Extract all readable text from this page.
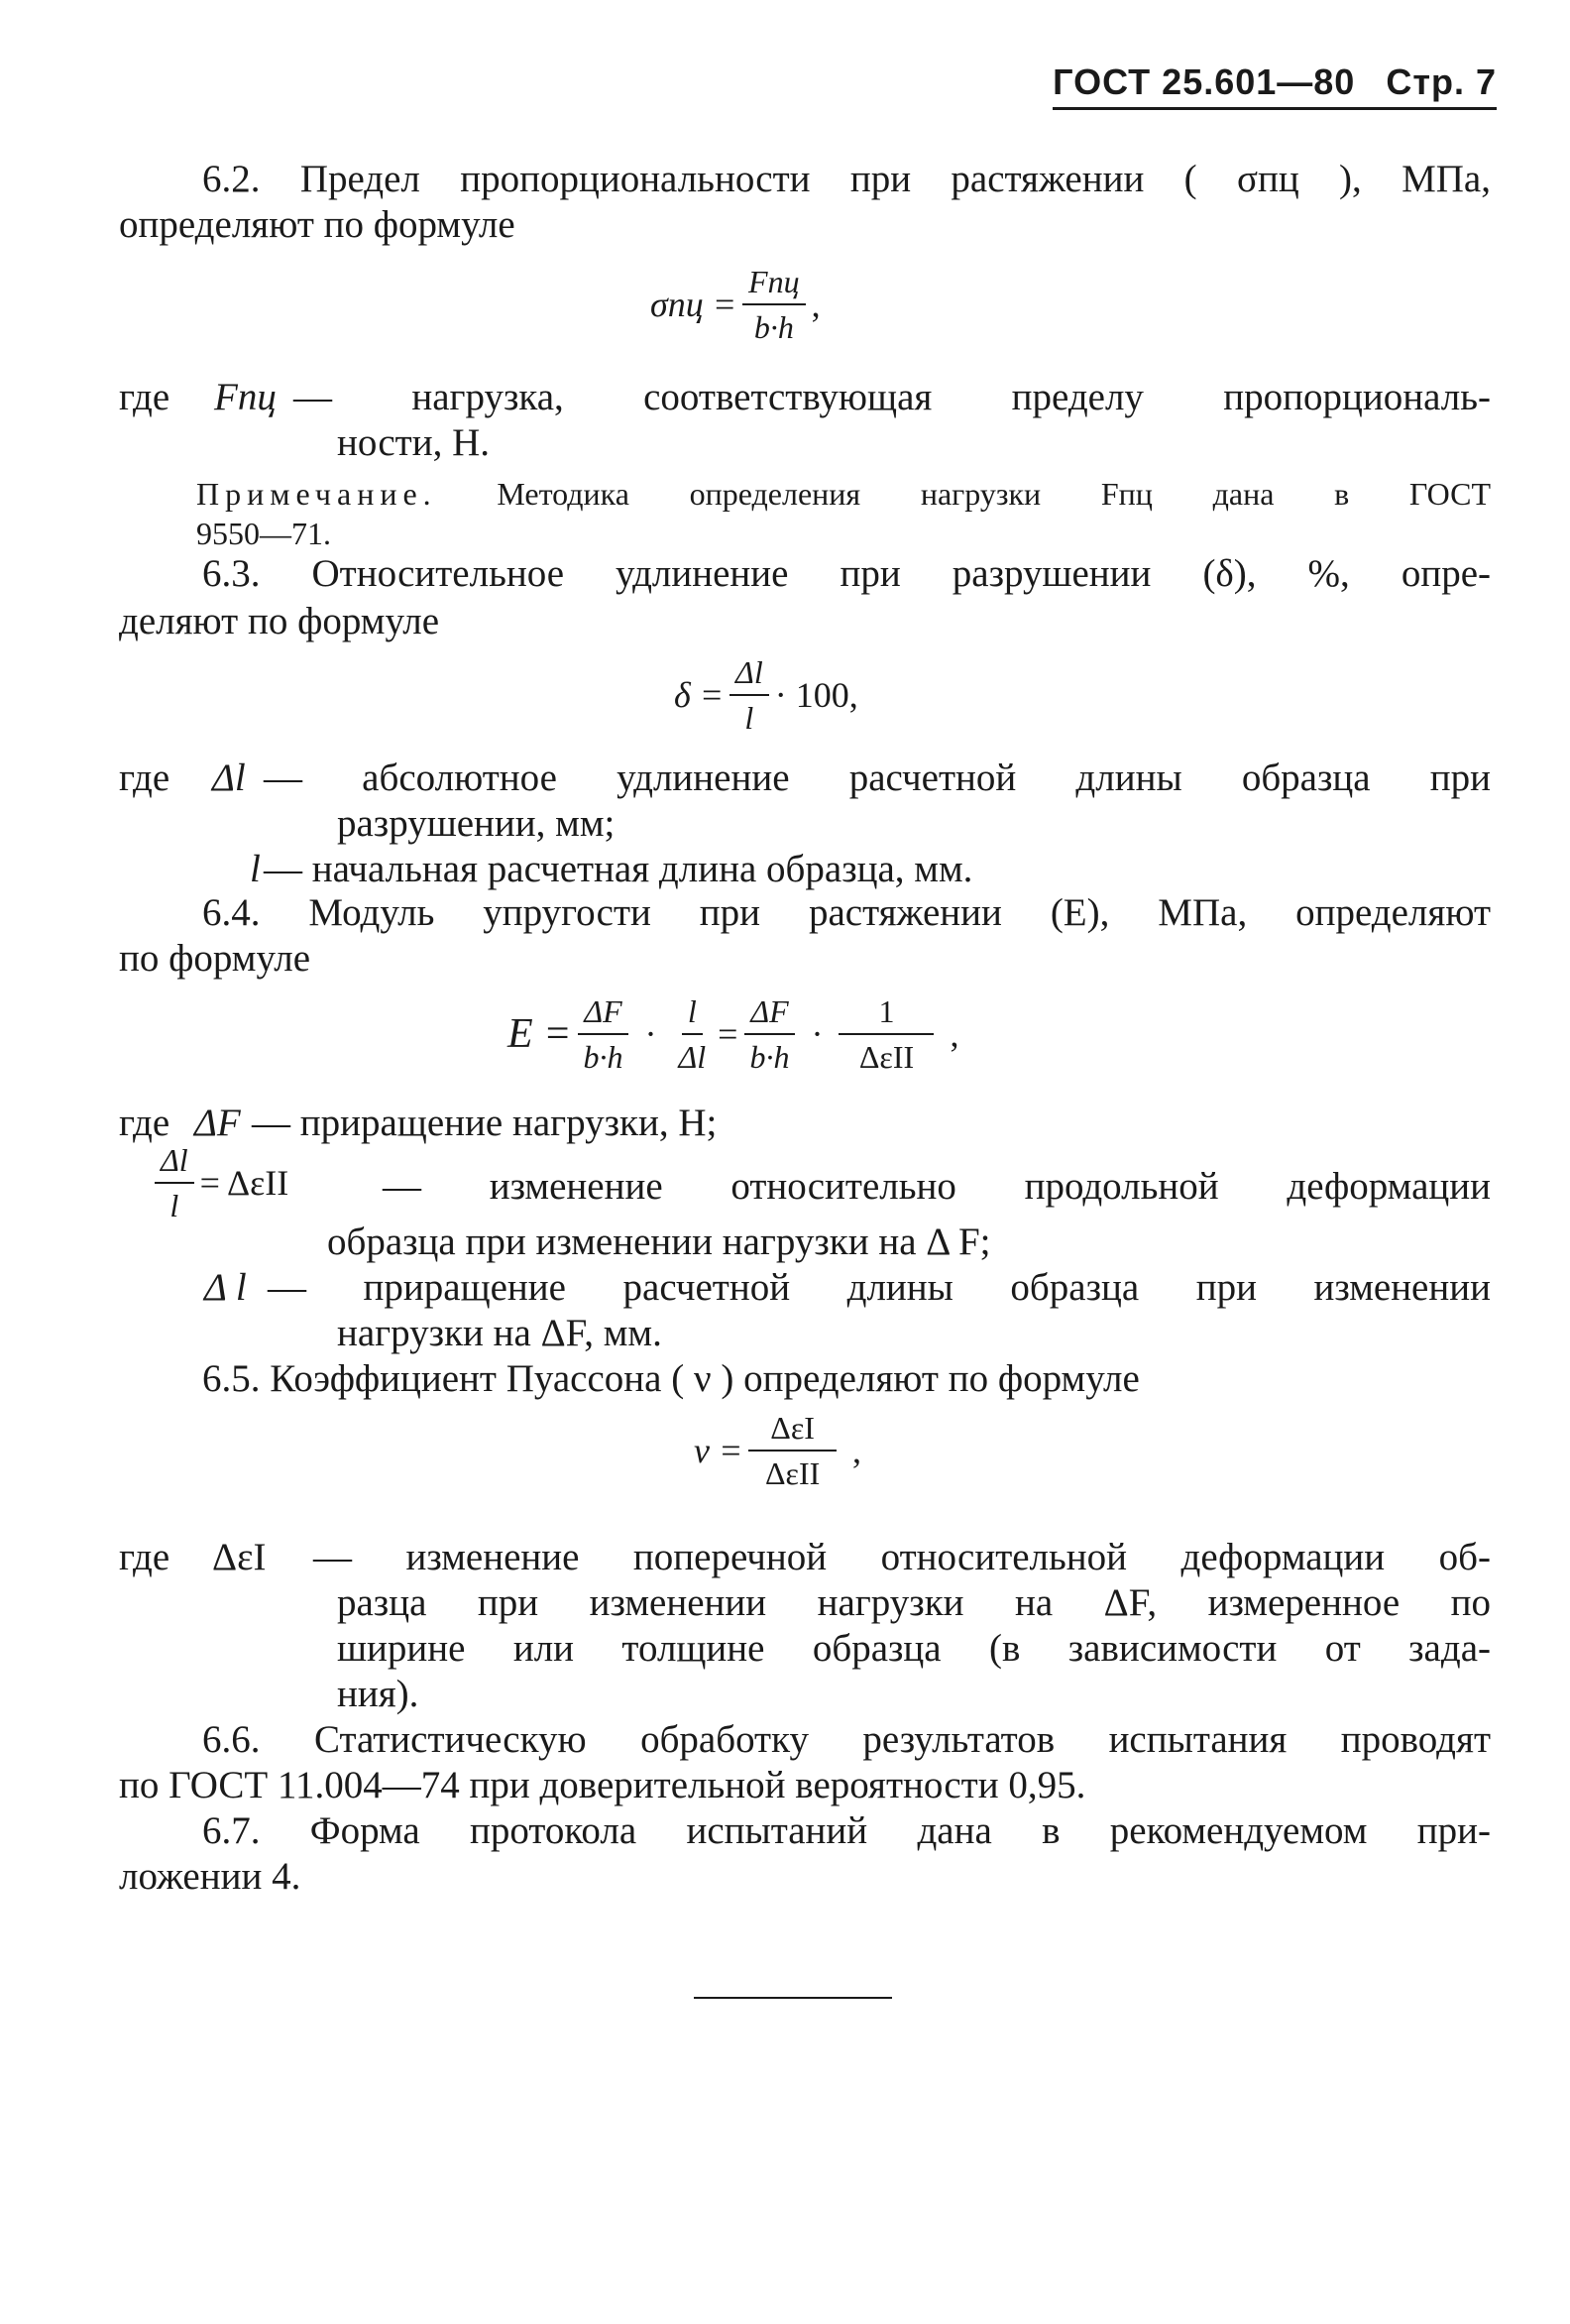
ГОСТ 25.601—80 Стр. 7
6.2. Предел пропорциональности при растяжении ( σпц ), МПа,
определяют по формуле
$\sigma пц = \frac{\text{Fпц}}{b\cdot h}$ ,
где Fпц — нагрузка, соответствующая пределу пропорциональ-
ности, Н.
Примечание. Методика определения нагрузки Fпц дана в ГОСТ
9550—71.
6.3. Относительное удлинение при разрушении (δ), %, опре-
деляют по формуле
$\delta = \frac{\Delta l}{l} \cdot 100$,
где Δl — абсолютное удлинение расчетной длины образца при
разрушении, мм;
l — начальная расчетная длина образца, мм.
6.4. Модуль упругости при растяжении (E), МПа, определяют
по формуле
$E = \frac{\Delta F}{b\cdot h} \cdot \frac{l}{\Delta l} = \frac{\Delta F}{b\cdot h} \cdot \frac{1}{\text{ΔεII}}$ ,
где ΔF — приращение нагрузки, Н;
$\frac{\Delta l}{l} = \Delta\varepsilon II$ — изменение относительно продольной деформации
образца при изменении нагрузки на Δ F;
Δ l — приращение расчетной длины образца при изменении
нагрузки на ΔF, мм.
6.5. Коэффициент Пуассона ( ν ) определяют по формуле
$\nu = \frac{\text{ΔεI}}{\text{ΔεII}}$ ,
где ΔεI — изменение поперечной относительной деформации об-
разца при изменении нагрузки на ΔF, измеренное по
ширине или толщине образца (в зависимости от зада-
ния).
6.6. Статистическую обработку результатов испытания проводят
по ГОСТ 11.004—74 при доверительной вероятности 0,95.
6.7. Форма протокола испытаний дана в рекомендуемом при-
ложении 4.
